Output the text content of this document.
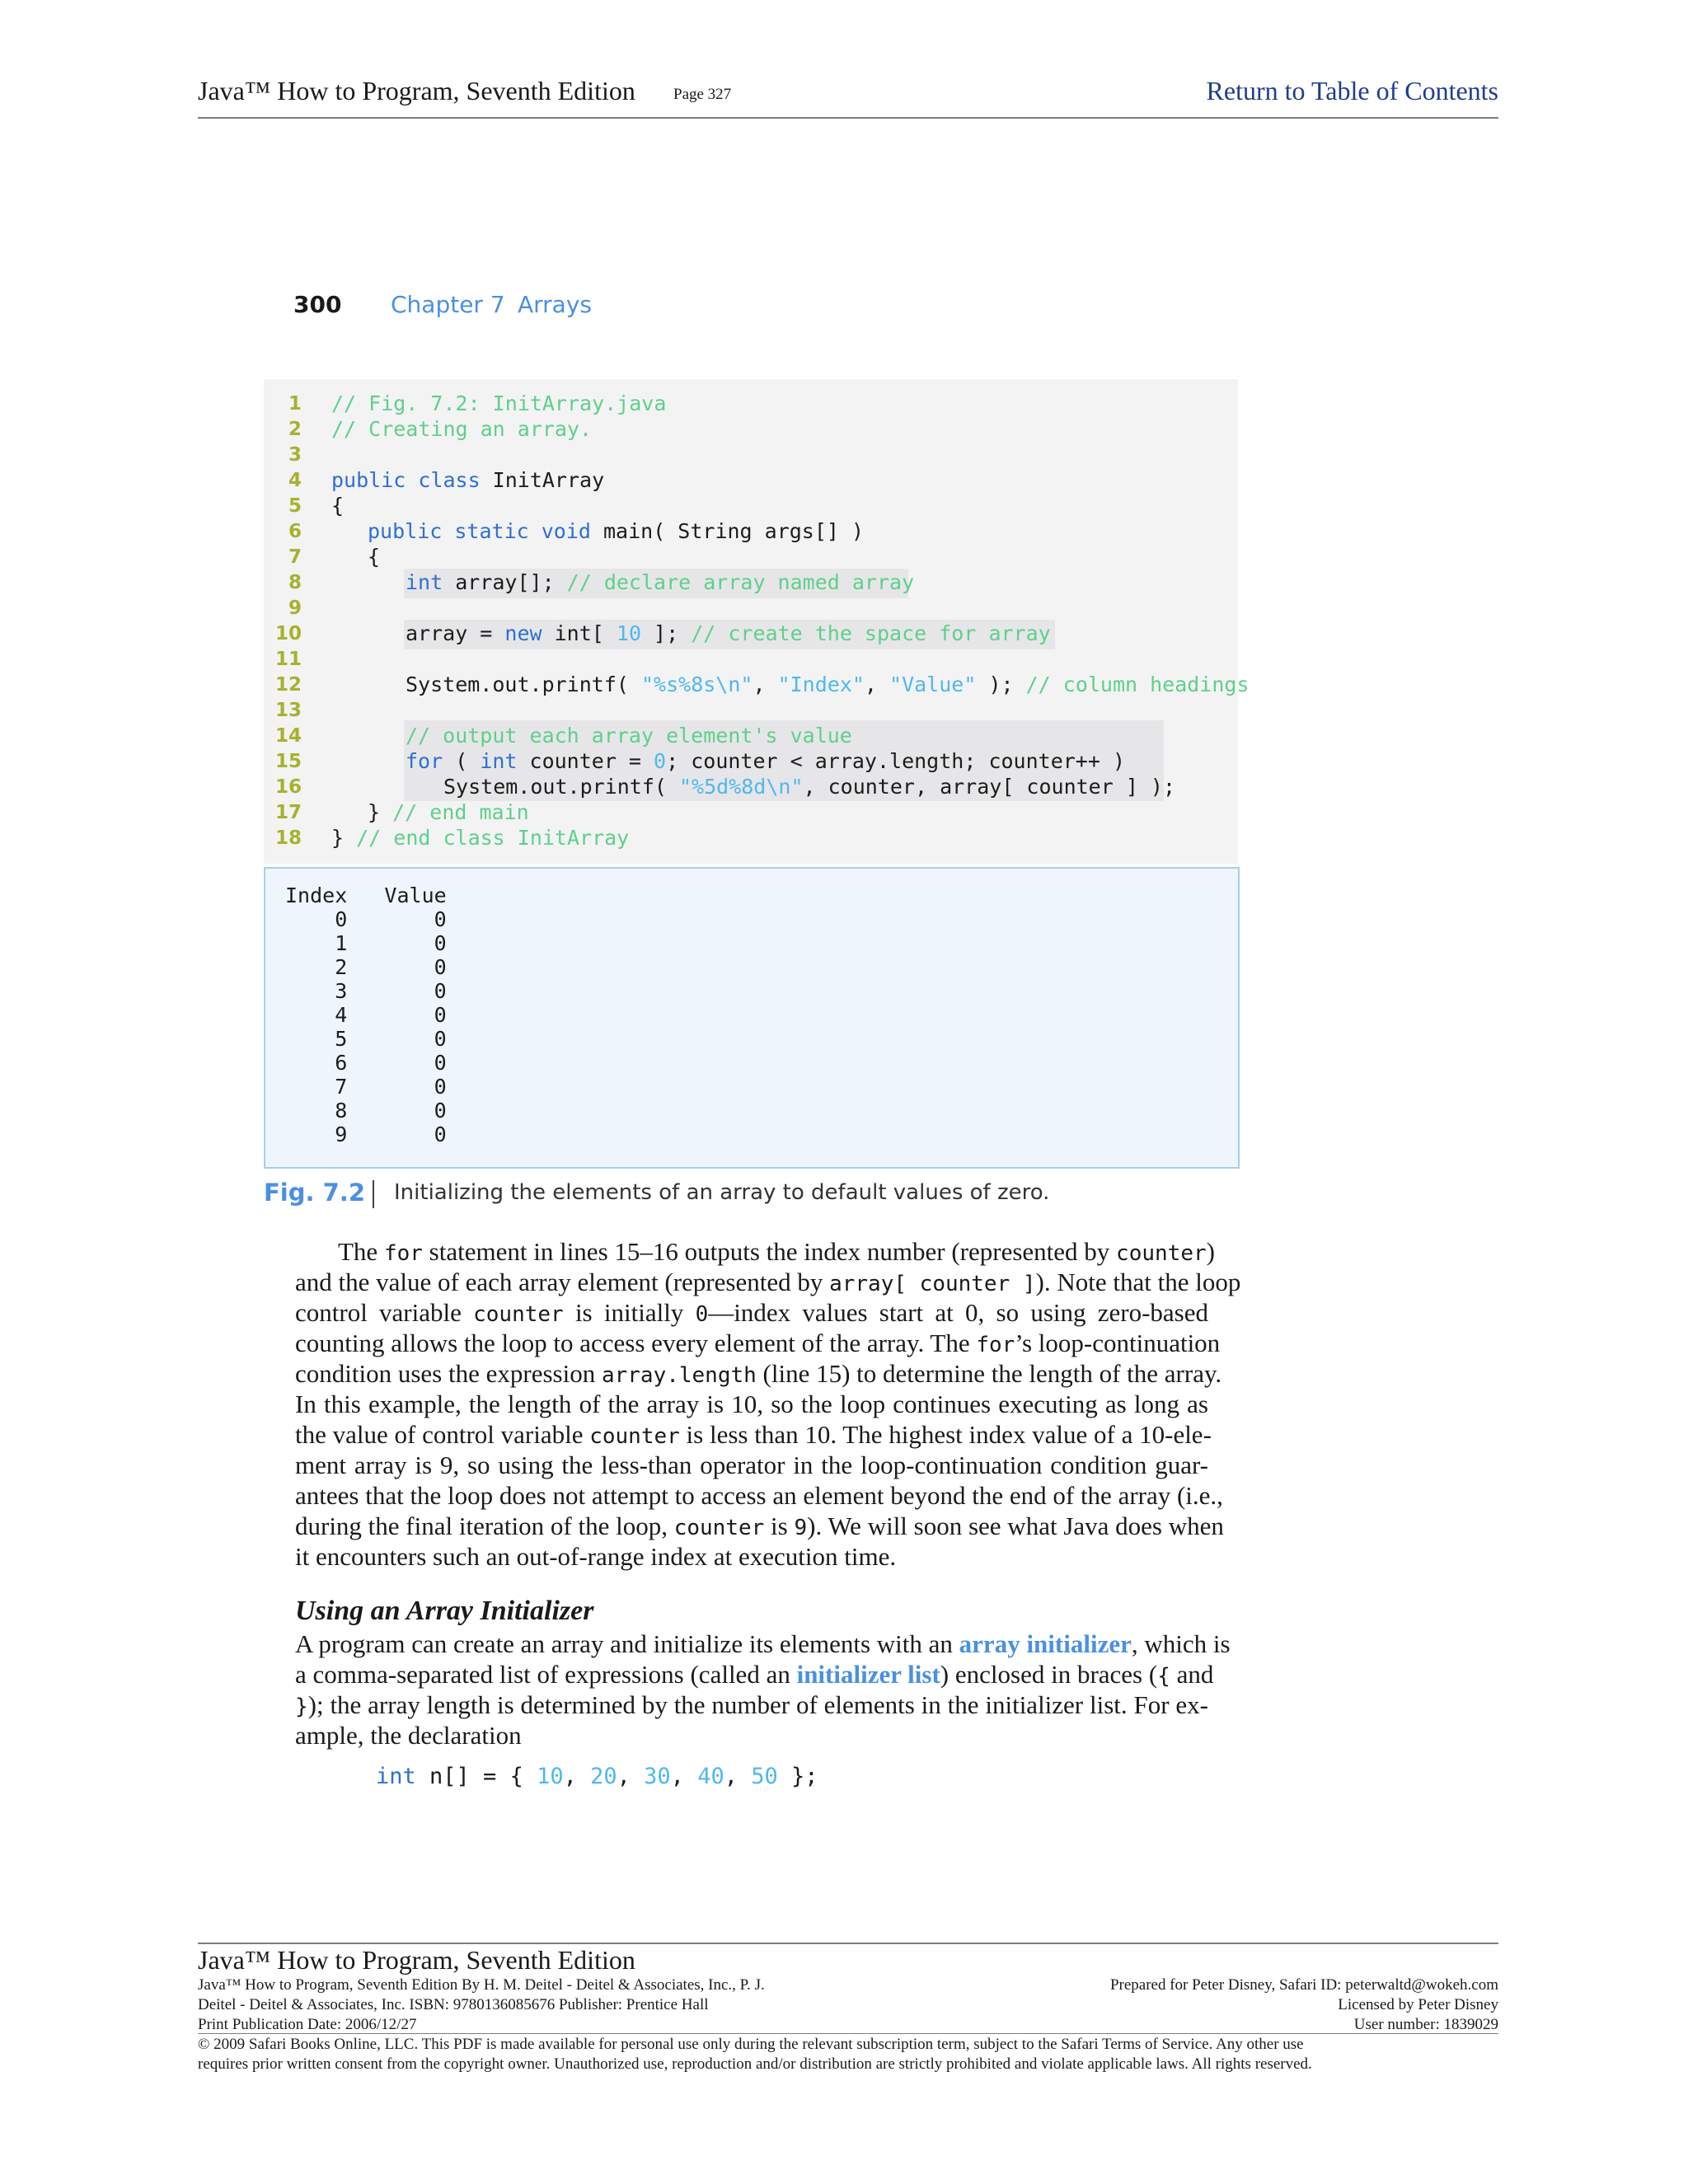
Java™ How to Program, Seventh Edition Page 327	Return to Table of Contents
300 Chapter 7 Arrays
1
2
3
4
5
6
7
8
9
10
11
12
13
14
15
16
17
18
// Fig. 7.2: InitArray.java
// Creating an array.
public class InitArray
{
public static void main( String args[] )
{
int array[]; // declare array named array
array = new int[ 10 ]; // create the space for array
System.out.printf( "%s%8s\n", "Index", "Value" ); // column headings
// output each array element's value
for ( int counter = 0; counter < array.length; counter++ )
System.out.printf( "%5d%8d\n", counter, array[ counter ] );
} // end main
} // end class InitArray
Index   Value
0       0
1       0
2       0
3       0
4       0
5       0
6       0
7       0
8       0
9       0
Fig. 7.2 Initializing the elements of an array to default values of zero.
The for statement in lines 15–16 outputs the index number (represented by counter)
and the value of each array element (represented by array[ counter ]). Note that the loop
control variable counter is initially 0—index values start at 0, so using zero-based
counting allows the loop to access every element of the array. The for’s loop-continuation
condition uses the expression array.length (line 15) to determine the length of the array.
In this example, the length of the array is 10, so the loop continues executing as long as
the value of control variable counter is less than 10. The highest index value of a 10-ele-
ment array is 9, so using the less-than operator in the loop-continuation condition guar-
antees that the loop does not attempt to access an element beyond the end of the array (i.e.,
during the final iteration of the loop, counter is 9). We will soon see what Java does when
it encounters such an out-of-range index at execution time.
Using an Array Initializer
A program can create an array and initialize its elements with an array initializer, which is
a comma-separated list of expressions (called an initializer list) enclosed in braces ({ and
}); the array length is determined by the number of elements in the initializer list. For ex-
ample, the declaration
int n[] = { 10, 20, 30, 40, 50 };
Java™ How to Program, Seventh Edition
Java™ How to Program, Seventh Edition By H. M. Deitel - Deitel & Associates, Inc., P. J.
Deitel - Deitel & Associates, Inc. ISBN: 9780136085676 Publisher: Prentice Hall
Print Publication Date: 2006/12/27
Prepared for Peter Disney, Safari ID: peterwaltd@wokeh.com
Licensed by Peter Disney
User number: 1839029
© 2009 Safari Books Online, LLC. This PDF is made available for personal use only during the relevant subscription term, subject to the Safari Terms of Service. Any other use
requires prior written consent from the copyright owner. Unauthorized use, reproduction and/or distribution are strictly prohibited and violate applicable laws. All rights reserved.
